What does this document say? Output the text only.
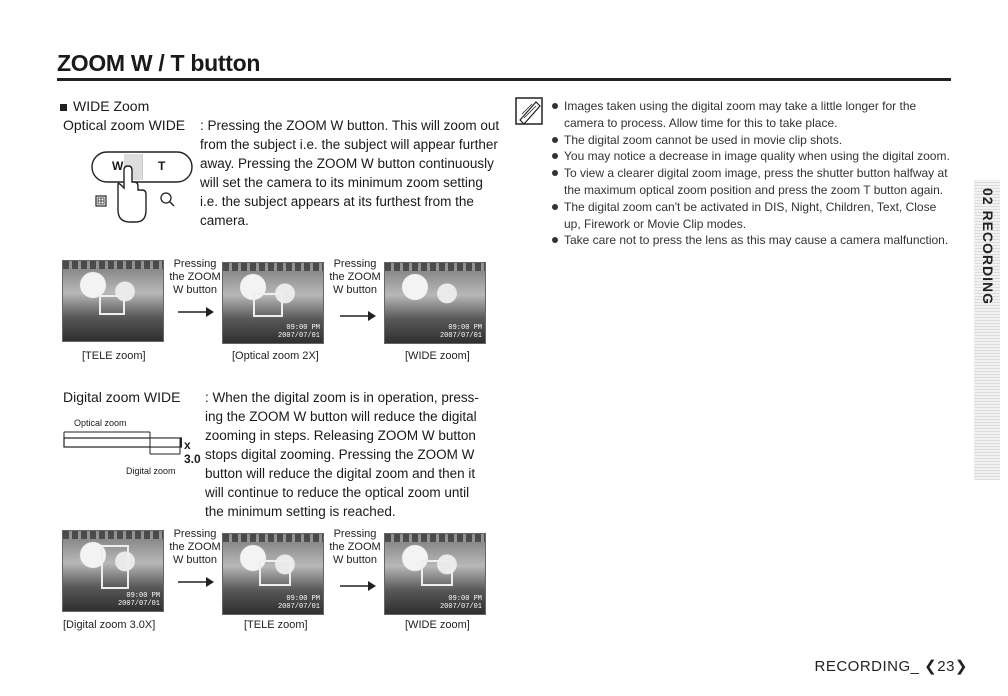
ZOOM W / T button
WIDE Zoom
Optical zoom WIDE : Pressing the ZOOM W button. This will zoom out from the subject i.e. the subject will appear further away. Pressing the ZOOM W button continuously will set the camera to its minimum zoom setting i.e. the subject appears at its furthest from the camera.
W	T
Pressing
the ZOOM
W button
09:00 PM
2007/07/01
Pressing
the ZOOM
W button
09:00 PM
2007/07/01
[TELE zoom]	[Optical zoom 2X]	[WIDE zoom]
Digital zoom WIDE : When the digital zoom is in operation, press- ing the ZOOM W button will reduce the digital zooming in steps. Releasing ZOOM W button stops digital zooming. Pressing the ZOOM W button will reduce the digital zoom and then it will continue to reduce the optical zoom until the minimum setting is reached.
Optical zoom
x 3.0
Digital zoom
09:00 PM
2007/07/01
Pressing
the ZOOM
W button
09:00 PM
2007/07/01
Pressing
the ZOOM
W button
09:00 PM
2007/07/01
[Digital zoom 3.0X]	[TELE zoom]	[WIDE zoom]
Images taken using the digital zoom may take a little longer for the camera to process. Allow time for this to take place.
The digital zoom cannot be used in movie clip shots.
You may notice a decrease in image quality when using the digital zoom.
To view a clearer digital zoom image, press the shutter button halfway at the maximum optical zoom position and press the zoom T button again.
The digital zoom can't be activated in DIS, Night, Children, Text, Close up, Firework or Movie Clip modes.
Take care not to press the lens as this may cause a camera malfunction.	02 RECORDING
RECORDING_ ❮23❯
